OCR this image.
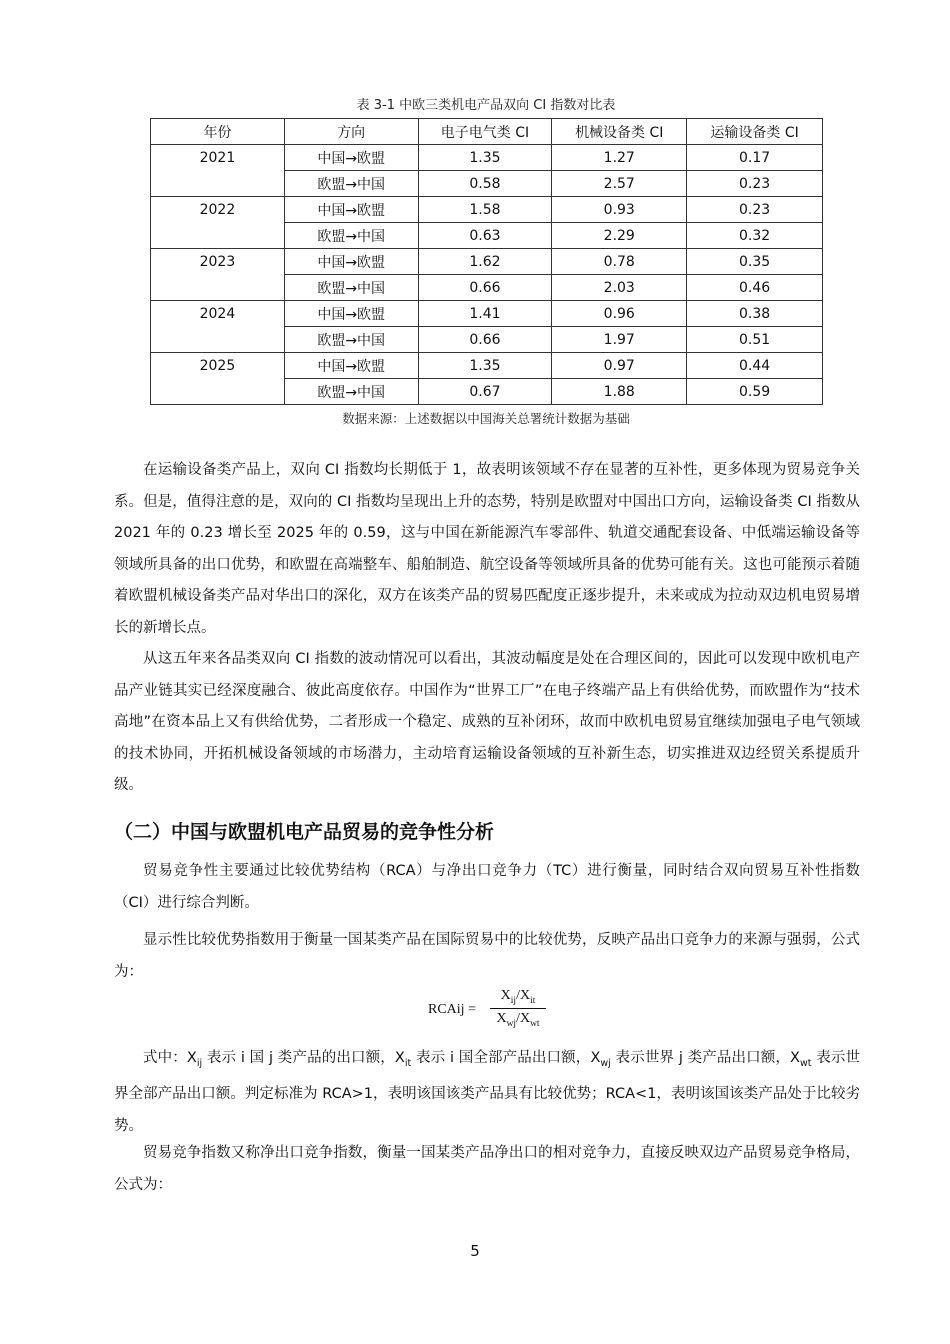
表 3-1 中欧三类机电产品双向 CI 指数对比表
年份	方向	电子电气类 CI	机械设备类 CI	运输设备类 CI
2021	中国→欧盟	1.35	1.27	0.17
	欧盟→中国	0.58	2.57	0.23
2022	中国→欧盟	1.58	0.93	0.23
	欧盟→中国	0.63	2.29	0.32
2023	中国→欧盟	1.62	0.78	0.35
	欧盟→中国	0.66	2.03	0.46
2024	中国→欧盟	1.41	0.96	0.38
	欧盟→中国	0.66	1.97	0.51
2025	中国→欧盟	1.35	0.97	0.44
	欧盟→中国	0.67	1.88	0.59
数据来源：上述数据以中国海关总署统计数据为基础

在运输设备类产品上，双向 CI 指数均长期低于 1，故表明该领域不存在显著的互补性，更多体现为贸易竞争关系。但是，值得注意的是，双向的 CI 指数均呈现出上升的态势，特别是欧盟对中国出口方向，运输设备类 CI 指数从 2021 年的 0.23 增长至 2025 年的 0.59，这与中国在新能源汽车零部件、轨道交通配套设备、中低端运输设备等领域所具备的出口优势，和欧盟在高端整车、船舶制造、航空设备等领域所具备的优势可能有关。这也可能预示着随着欧盟机械设备类产品对华出口的深化，双方在该类产品的贸易匹配度正逐步提升，未来或成为拉动双边机电贸易增长的新增长点。

从这五年来各品类双向 CI 指数的波动情况可以看出，其波动幅度是处在合理区间的，因此可以发现中欧机电产品产业链其实已经深度融合、彼此高度依存。中国作为“世界工厂”在电子终端产品上有供给优势，而欧盟作为“技术高地”在资本品上又有供给优势，二者形成一个稳定、成熟的互补闭环，故而中欧机电贸易宜继续加强电子电气领域的技术协同，开拓机械设备领域的市场潜力，主动培育运输设备领域的互补新生态，切实推进双边经贸关系提质升级。

（二）中国与欧盟机电产品贸易的竞争性分析

贸易竞争性主要通过比较优势结构（RCA）与净出口竞争力（TC）进行衡量，同时结合双向贸易互补性指数（CI）进行综合判断。

显示性比较优势指数用于衡量一国某类产品在国际贸易中的比较优势，反映产品出口竞争力的来源与强弱，公式为：

RCAij =
$X_{ij}/X_{it}$
$X_{wj}/X_{wt}$

式中：$X_{ij}$ 表示 i 国 j 类产品的出口额，$X_{it}$ 表示 i 国全部产品出口额，$X_{wj}$ 表示世界 j 类产品出口额，$X_{wt}$ 表示世界全部产品出口额。判定标准为 RCA>1，表明该国该类产品具有比较优势；RCA<1，表明该国该类产品处于比较劣势。

贸易竞争指数又称净出口竞争指数，衡量一国某类产品净出口的相对竞争力，直接反映双边产品贸易竞争格局，公式为：

5
